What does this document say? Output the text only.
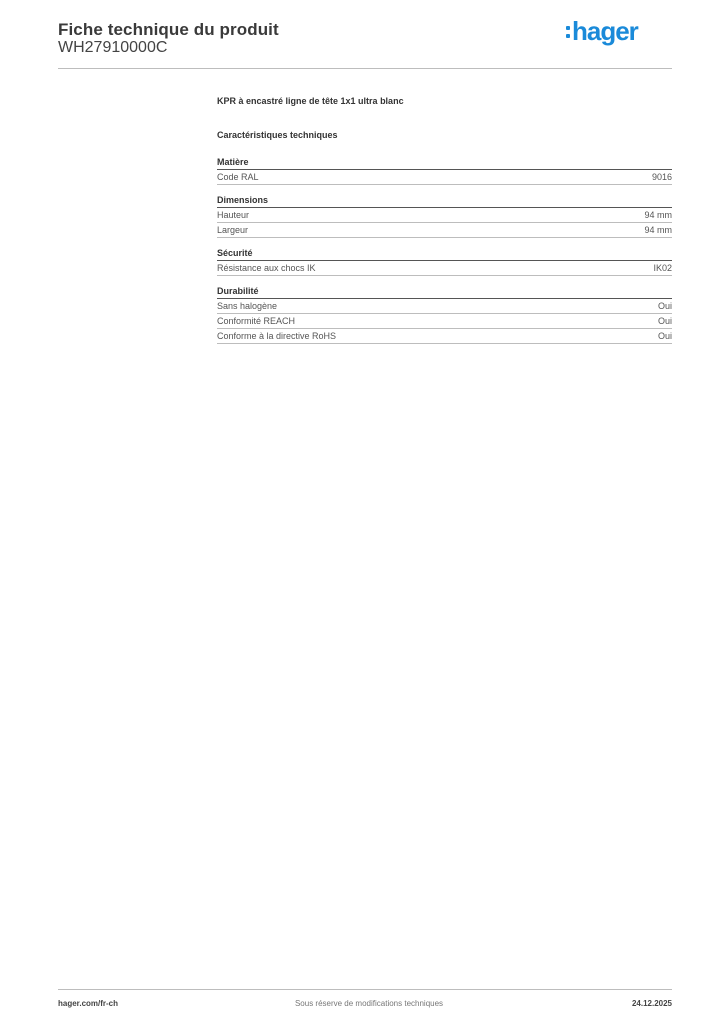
Fiche technique du produit
WH27910000C
hager
KPR à encastré ligne de tête 1x1 ultra blanc
Caractéristiques techniques
Matière
Code RAL	9016
Dimensions
Hauteur	94 mm
Largeur	94 mm
Sécurité
Résistance aux chocs IK	IK02
Durabilité
Sans halogène	Oui
Conformité REACH	Oui
Conforme à la directive RoHS	Oui
hager.com/fr-ch	Sous réserve de modifications techniques	24.12.2025
